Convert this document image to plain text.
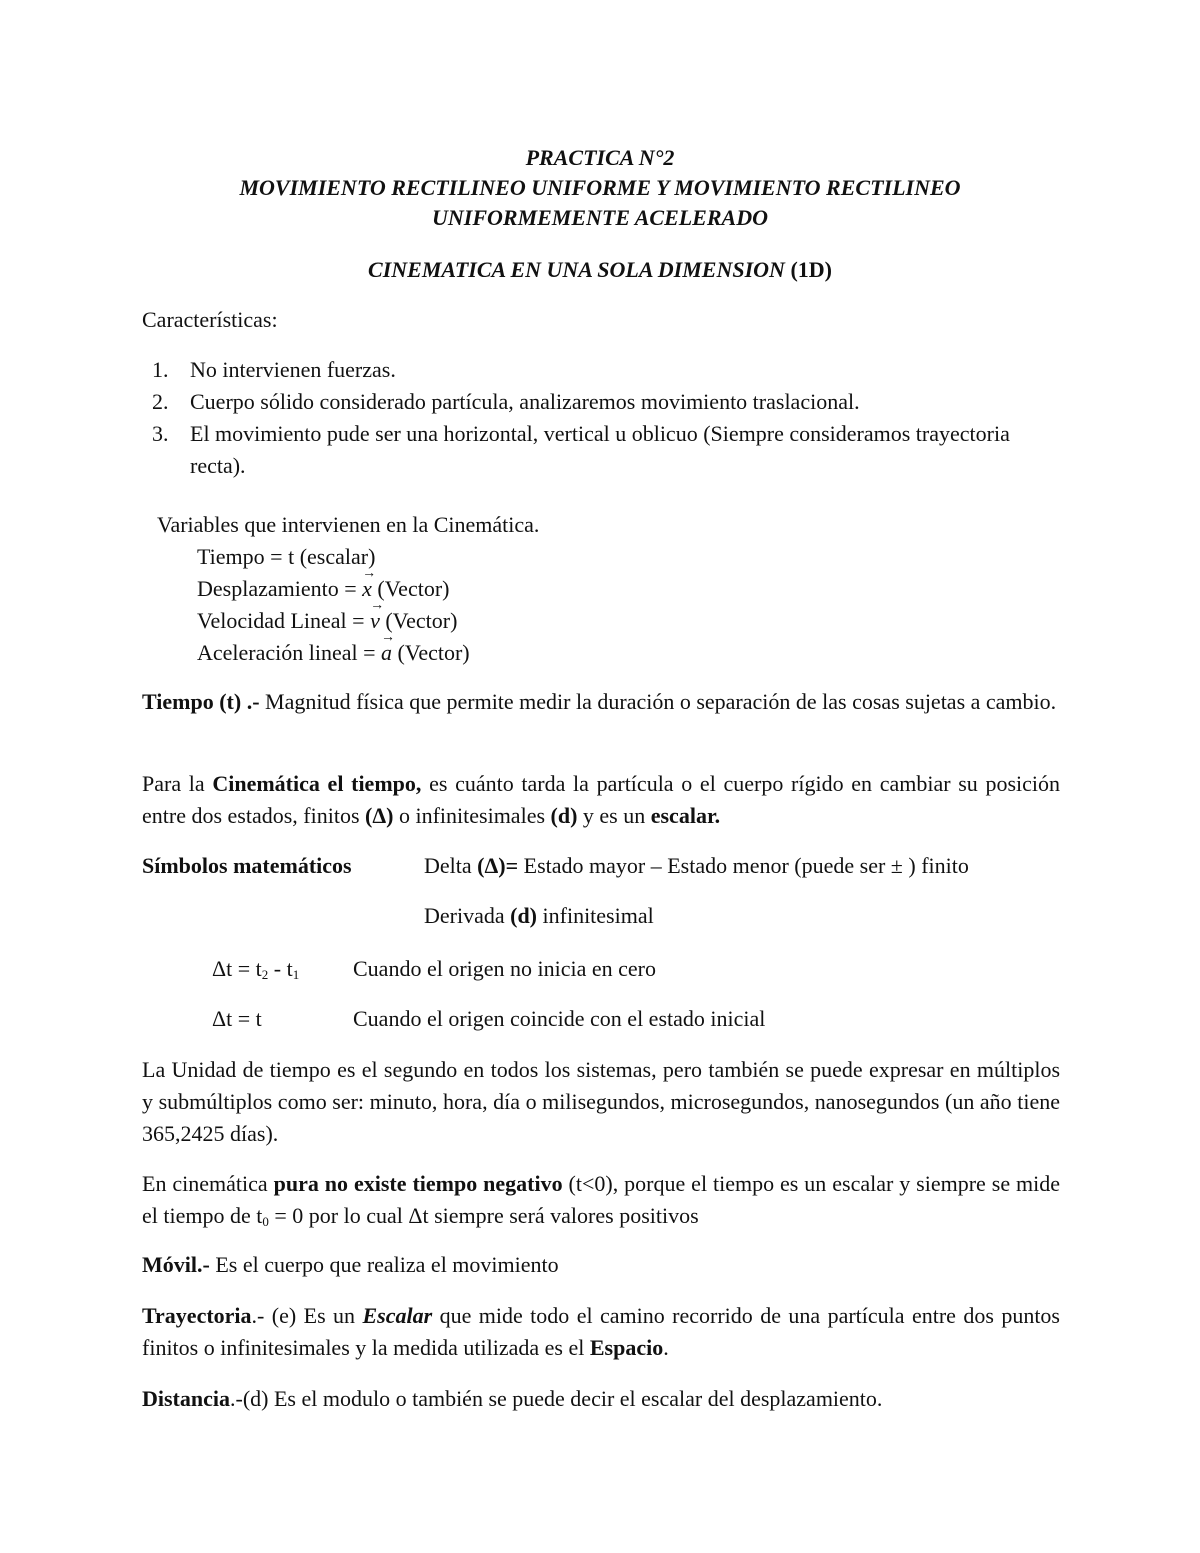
PRACTICA N°2
MOVIMIENTO RECTILINEO UNIFORME Y MOVIMIENTO RECTILINEO
UNIFORMEMENTE ACELERADO
CINEMATICA EN UNA SOLA DIMENSION (1D)
Características:
1. No intervienen fuerzas.
2. Cuerpo sólido considerado partícula, analizaremos movimiento traslacional.
3. El movimiento pude ser una horizontal, vertical u oblicuo (Siempre consideramos trayectoria recta).
Variables que intervienen en la Cinemática.
Tiempo = t (escalar)
Desplazamiento = → x (Vector)
Velocidad Lineal = → v (Vector)
Aceleración lineal = → a (Vector)
Tiempo (t) .- Magnitud física que permite medir la duración o separación de las cosas sujetas a cambio.
Para la Cinemática el tiempo, es cuánto tarda la partícula o el cuerpo rígido en cambiar su posición entre dos estados, finitos (Δ) o infinitesimales (d) y es un escalar.
Símbolos matemáticos	Delta (Δ)= Estado mayor – Estado menor (puede ser ± ) finito
Derivada (d) infinitesimal
$\Delta t = t_2 - t_1$ Cuando el origen no inicia en cero
Δt = t	Cuando el origen coincide con el estado inicial
La Unidad de tiempo es el segundo en todos los sistemas, pero también se puede expresar en múltiplos y submúltiplos como ser: minuto, hora, día o milisegundos, microsegundos, nanosegundos (un año tiene 365,2425 días).
En cinemática pura no existe tiempo negativo (t<0), porque el tiempo es un escalar y siempre se mide el tiempo de $t_0 = 0$ por lo cual Δt siempre será valores positivos
Móvil.- Es el cuerpo que realiza el movimiento
Trayectoria.- (e) Es un Escalar que mide todo el camino recorrido de una partícula entre dos puntos finitos o infinitesimales y la medida utilizada es el Espacio.
Distancia.-(d) Es el modulo o también se puede decir el escalar del desplazamiento.
